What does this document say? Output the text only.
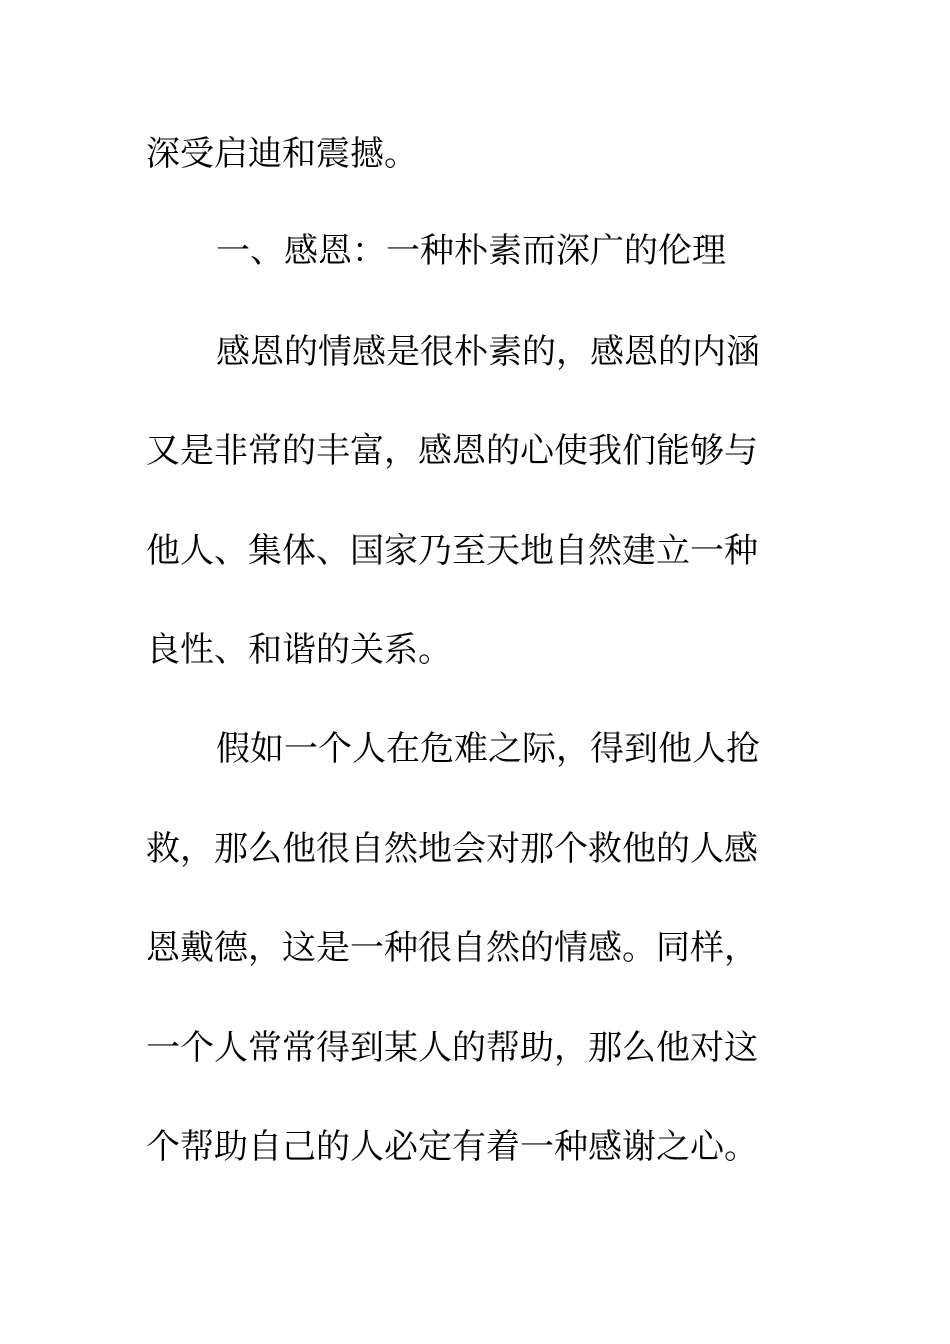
深受启迪和震撼。
一、感恩：一种朴素而深广的伦理
感恩的情感是很朴素的，感恩的内涵
又是非常的丰富，感恩的心使我们能够与
他人、集体、国家乃至天地自然建立一种
良性、和谐的关系。
假如一个人在危难之际，得到他人抢
救，那么他很自然地会对那个救他的人感
恩戴德，这是一种很自然的情感。同样，
一个人常常得到某人的帮助，那么他对这
个帮助自己的人必定有着一种感谢之心。
